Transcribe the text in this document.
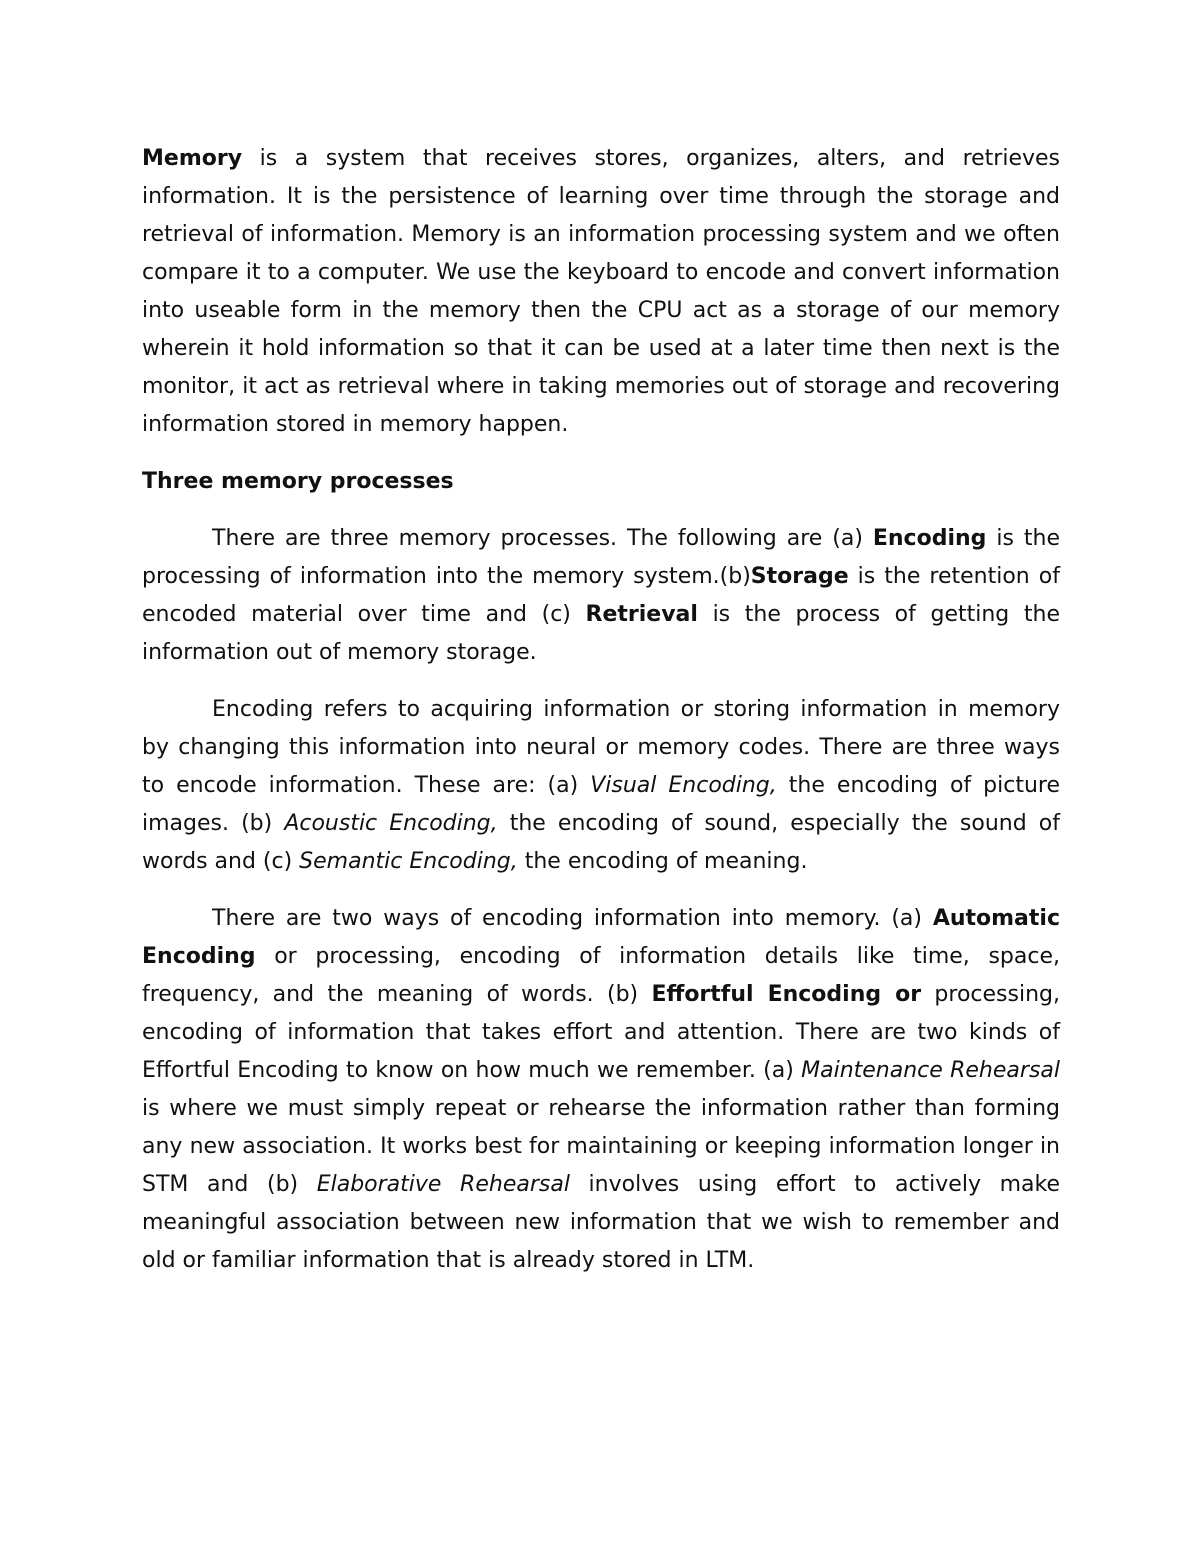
Memory is a system that receives stores, organizes, alters, and retrieves information. It is the persistence of learning over time through the storage and retrieval of information. Memory is an information processing system and we often compare it to a computer. We use the keyboard to encode and convert information into useable form in the memory then the CPU act as a storage of our memory wherein it hold information so that it can be used at a later time then next is the monitor, it act as retrieval where in taking memories out of storage and recovering information stored in memory happen.

Three memory processes

There are three memory processes. The following are (a) Encoding is the processing of information into the memory system.(b)Storage is the retention of encoded material over time and (c) Retrieval is the process of getting the information out of memory storage.

Encoding refers to acquiring information or storing information in memory by changing this information into neural or memory codes. There are three ways to encode information. These are: (a) Visual Encoding, the encoding of picture images. (b) Acoustic Encoding, the encoding of sound, especially the sound of words and (c) Semantic Encoding, the encoding of meaning.

There are two ways of encoding information into memory. (a) Automatic Encoding or processing, encoding of information details like time, space, frequency, and the meaning of words. (b) Effortful Encoding or processing, encoding of information that takes effort and attention. There are two kinds of Effortful Encoding to know on how much we remember. (a) Maintenance Rehearsal is where we must simply repeat or rehearse the information rather than forming any new association. It works best for maintaining or keeping information longer in STM and (b) Elaborative Rehearsal involves using effort to actively make meaningful association between new information that we wish to remember and old or familiar information that is already stored in LTM.
